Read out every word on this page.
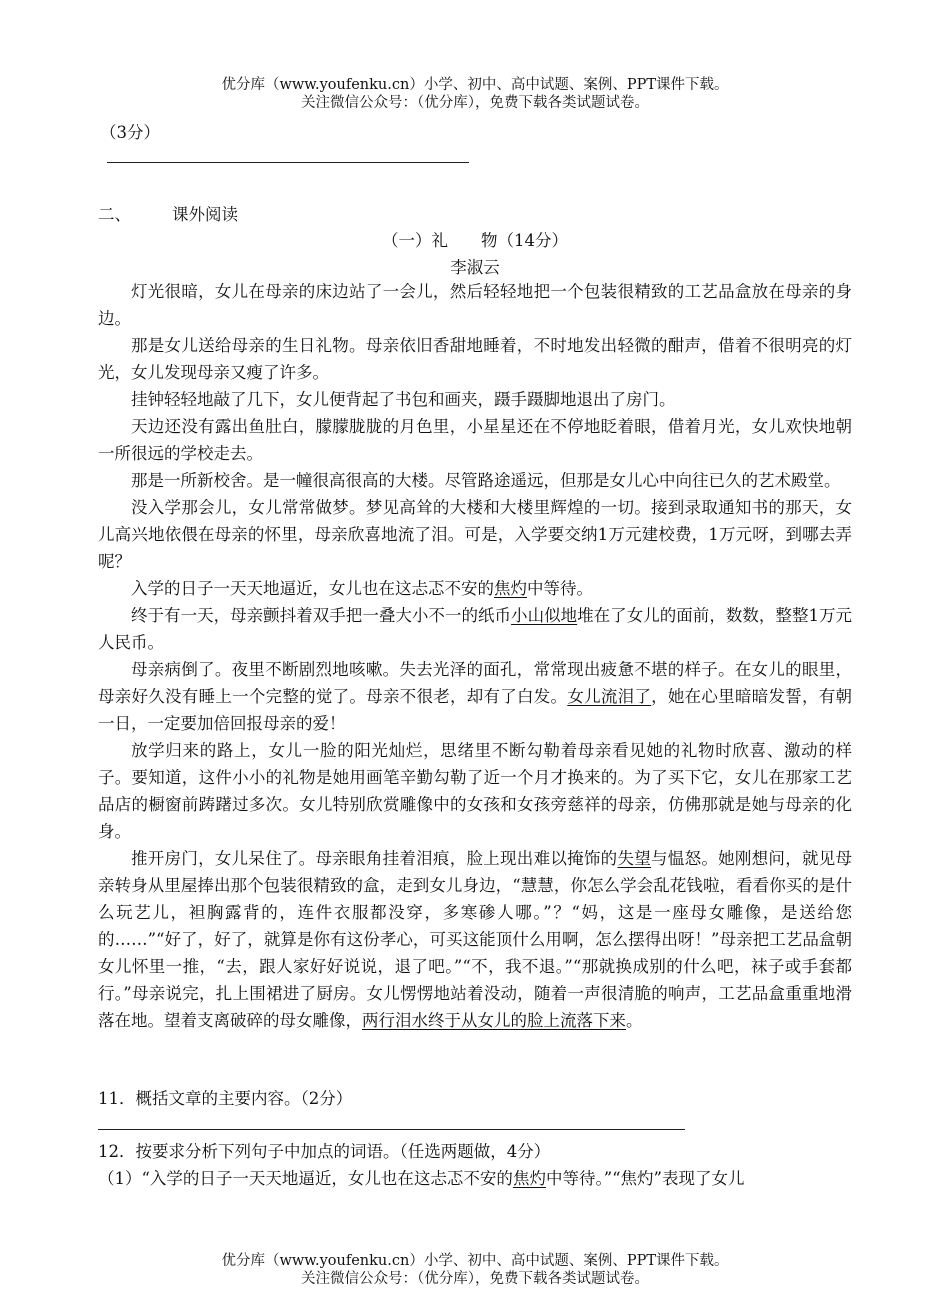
优分库（www.youfenku.cn）小学、初中、高中试题、案例、PPT课件下载。
关注微信公众号：（优分库），免费下载各类试题试卷。
（3分）
二、 课外阅读
（一）礼　　物（14分）
李淑云

灯光很暗，女儿在母亲的床边站了一会儿，然后轻轻地把一个包装很精致的工艺品盒放在母亲的身边。

那是女儿送给母亲的生日礼物。母亲依旧香甜地睡着，不时地发出轻微的酣声，借着不很明亮的灯光，女儿发现母亲又瘦了许多。

挂钟轻轻地敲了几下，女儿便背起了书包和画夹，蹑手蹑脚地退出了房门。

天边还没有露出鱼肚白，朦朦胧胧的月色里，小星星还在不停地眨着眼，借着月光，女儿欢快地朝一所很远的学校走去。

那是一所新校舍。是一幢很高很高的大楼。尽管路途遥远，但那是女儿心中向往已久的艺术殿堂。

没入学那会儿，女儿常常做梦。梦见高耸的大楼和大楼里辉煌的一切。接到录取通知书的那天，女儿高兴地依偎在母亲的怀里，母亲欣喜地流了泪。可是，入学要交纳1万元建校费，1万元呀，到哪去弄呢？

入学的日子一天天地逼近，女儿也在这忐忑不安的焦灼中等待。

终于有一天，母亲颤抖着双手把一叠大小不一的纸币小山似地堆在了女儿的面前，数数，整整1万元人民币。

母亲病倒了。夜里不断剧烈地咳嗽。失去光泽的面孔，常常现出疲惫不堪的样子。在女儿的眼里，母亲好久没有睡上一个完整的觉了。母亲不很老，却有了白发。女儿流泪了，她在心里暗暗发誓，有朝一日，一定要加倍回报母亲的爱！

放学归来的路上，女儿一脸的阳光灿烂，思绪里不断勾勒着母亲看见她的礼物时欣喜、激动的样子。要知道，这件小小的礼物是她用画笔辛勤勾勒了近一个月才换来的。为了买下它，女儿在那家工艺品店的橱窗前踌躇过多次。女儿特别欣赏雕像中的女孩和女孩旁慈祥的母亲，仿佛那就是她与母亲的化身。

推开房门，女儿呆住了。母亲眼角挂着泪痕，脸上现出难以掩饰的失望与愠怒。她刚想问，就见母亲转身从里屋捧出那个包装很精致的盒，走到女儿身边，“慧慧，你怎么学会乱花钱啦，看看你买的是什么玩艺儿，袒胸露背的，连件衣服都没穿，多寒碜人哪。”？“妈，这是一座母女雕像，是送给您的……”“好了，好了，就算是你有这份孝心，可买这能顶什么用啊，怎么摆得出呀！”母亲把工艺品盒朝女儿怀里一推，“去，跟人家好好说说，退了吧。”“不，我不退。”“那就换成别的什么吧，袜子或手套都行。”母亲说完，扎上围裙进了厨房。女儿愣愣地站着没动，随着一声很清脆的响声，工艺品盒重重地滑落在地。望着支离破碎的母女雕像，两行泪水终于从女儿的脸上流落下来。

11．概括文章的主要内容。（2分）
12．按要求分析下列句子中加点的词语。（任选两题做，4分）
（1）“入学的日子一天天地逼近，女儿也在这忐忑不安的焦灼中等待。”“焦灼”表现了女儿
优分库（www.youfenku.cn）小学、初中、高中试题、案例、PPT课件下载。
关注微信公众号：（优分库），免费下载各类试题试卷。
